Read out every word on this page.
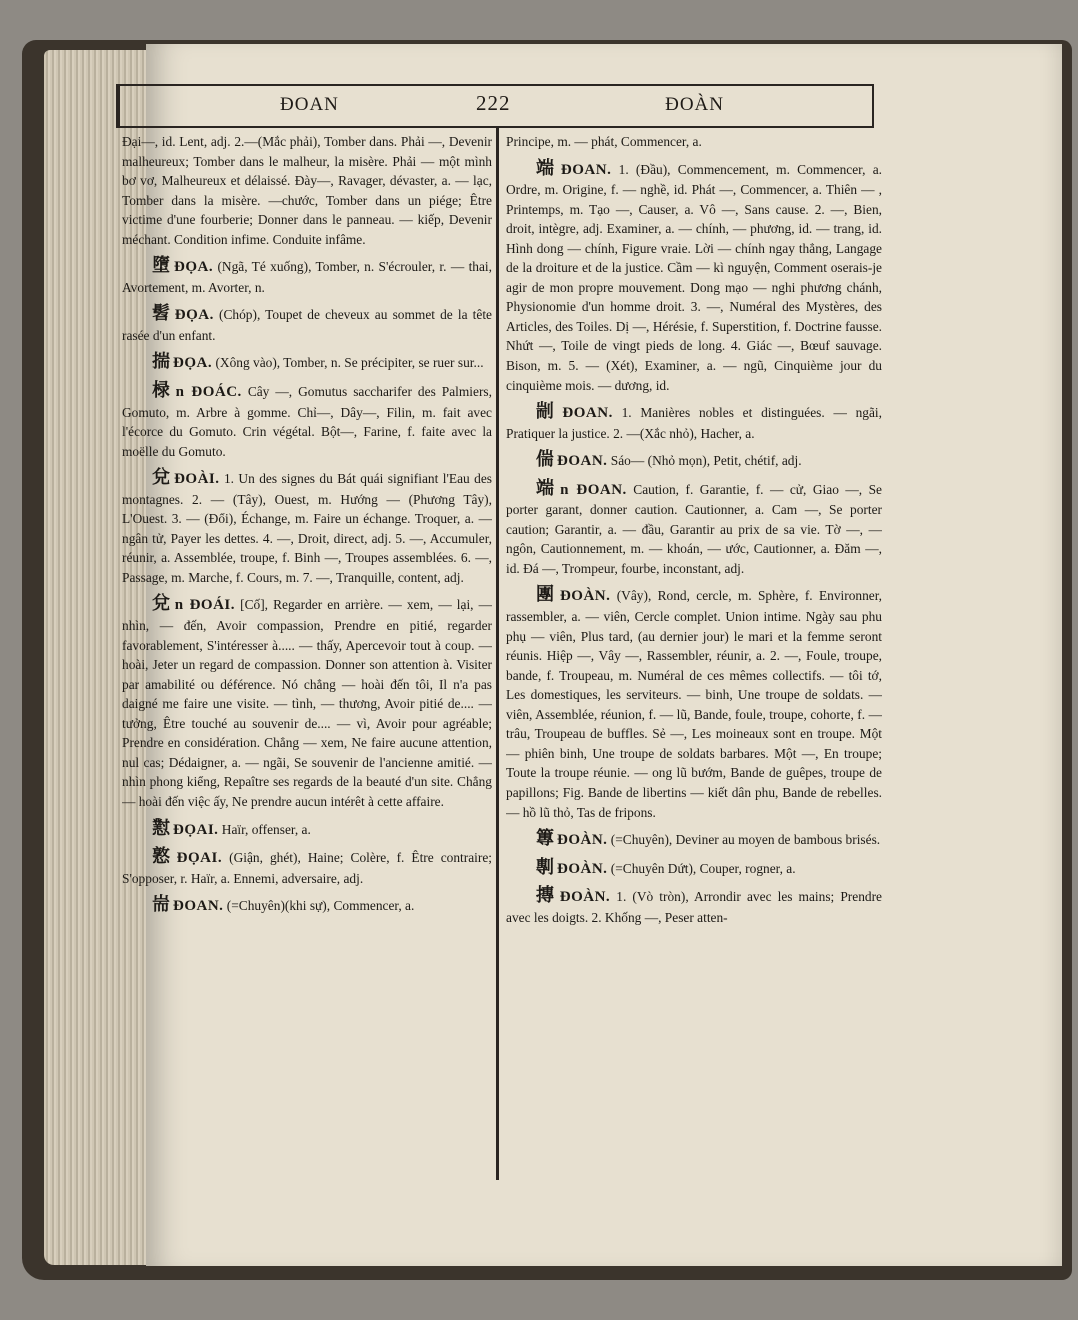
ĐOAN	222	ĐOÀN

Đại—, id. Lent, adj. 2.—(Mắc phải), Tomber dans. Phải —, Devenir malheureux; Tomber dans le malheur, la misère. Phải — một mình bơ vơ, Malheureux et délaissé. Đày—, Ravager, dévaster, a. — lạc, Tomber dans la misère. —chước, Tomber dans un piége; Être victime d'une fourberie; Donner dans le panneau. — kiếp, Devenir méchant. Condition infime. Conduite infâme.

墮 ĐỌA. (Ngã, Té xuống), Tomber, n. S'écrouler, r. — thai, Avortement, m. Avorter, n.

髫 ĐỌA. (Chóp), Toupet de cheveux au sommet de la tête rasée d'un enfant.

揣 ĐỌA. (Xông vào), Tomber, n. Se précipiter, se ruer sur...

椂 n ĐOÁC. Cây —, Gomutus saccharifer des Palmiers, Gomuto, m. Arbre à gomme. Chỉ—, Dây—, Filin, m. fait avec l'écorce du Gomuto. Crin végétal. Bột—, Farine, f. faite avec la moëlle du Gomuto.

兌 ĐOÀI. 1. Un des signes du Bát quái signifiant l'Eau des montagnes. 2. — (Tây), Ouest, m. Hướng — (Phương Tây), L'Ouest. 3. — (Đổi), Échange, m. Faire un échange. Troquer, a. — ngân tử, Payer les dettes. 4. —, Droit, direct, adj. 5. —, Accumuler, réunir, a. Assemblée, troupe, f. Binh —, Troupes assemblées. 6. —, Passage, m. Marche, f. Cours, m. 7. —, Tranquille, content, adj.

兌 n ĐOÁI. [Cố], Regarder en arrière. — xem, — lại, — nhìn, — đến, Avoir compassion, Prendre en pitié, regarder favorablement, S'intéresser à..... — thấy, Apercevoir tout à coup. — hoài, Jeter un regard de compassion. Donner son attention à. Visiter par amabilité ou déférence. Nó chẳng — hoài đến tôi, Il n'a pas daigné me faire une visite. — tình, — thương, Avoir pitié de.... — tưởng, Être touché au souvenir de.... — vì, Avoir pour agréable; Prendre en considération. Chẳng — xem, Ne faire aucune attention, nul cas; Dédaigner, a. — ngãi, Se souvenir de l'ancienne amitié. — nhìn phong kiểng, Repaître ses regards de la beauté d'un site. Chẳng — hoài đến việc ấy, Ne prendre aucun intérêt à cette affaire.

懟 ĐỌAI. Haïr, offenser, a.

憝 ĐỌAI. (Giận, ghét), Haine; Colère, f. Être contraire; S'opposer, r. Haïr, a. Ennemi, adversaire, adj.

耑 ĐOAN. (=Chuyên)(khi sự), Commencer, a.

Principe, m. — phát, Commencer, a.

端 ĐOAN. 1. (Đầu), Commencement, m. Commencer, a. Ordre, m. Origine, f. — nghề, id. Phát —, Commencer, a. Thiên — , Printemps, m. Tạo —, Causer, a. Vô —, Sans cause. 2. —, Bien, droit, intègre, adj. Examiner, a. — chính, — phương, id. — trang, id. Hình dong — chính, Figure vraie. Lời — chính ngay thẳng, Langage de la droiture et de la justice. Cầm — kì nguyện, Comment oserais-je agir de mon propre mouvement. Dong mạo — nghi phương chánh, Physionomie d'un homme droit. 3. —, Numéral des Mystères, des Articles, des Toiles. Dị —, Hérésie, f. Superstition, f. Doctrine fausse. Nhứt —, Toile de vingt pieds de long. 4. Giác —, Bœuf sauvage. Bison, m. 5. — (Xét), Examiner, a. — ngũ, Cinquième jour du cinquième mois. — dương, id.

剬 ĐOAN. 1. Manières nobles et distinguées. — ngãi, Pratiquer la justice. 2. —(Xắc nhỏ), Hacher, a.

偳 ĐOAN. Sáo— (Nhỏ mọn), Petit, chétif, adj.

端 n ĐOAN. Caution, f. Garantie, f. — cử, Giao —, Se porter garant, donner caution. Cautionner, a. Cam —, Se porter caution; Garantir, a. — đầu, Garantir au prix de sa vie. Tờ —, — ngôn, Cautionnement, m. — khoán, — ước, Cautionner, a. Đăm —, id. Đá —, Trompeur, fourbe, inconstant, adj.

團 ĐOÀN. (Vây), Rond, cercle, m. Sphère, f. Environner, rassembler, a. — viên, Cercle complet. Union intime. Ngày sau phu phụ — viên, Plus tard, (au dernier jour) le mari et la femme seront réunis. Hiệp —, Vây —, Rassembler, réunir, a. 2. —, Foule, troupe, bande, f. Troupeau, m. Numéral de ces mêmes collectifs. — tôi tớ, Les domestiques, les serviteurs. — binh, Une troupe de soldats. — viên, Assemblée, réunion, f. — lũ, Bande, foule, troupe, cohorte, f. — trâu, Troupeau de buffles. Sẻ —, Les moineaux sont en troupe. Một — phiên binh, Une troupe de soldats barbares. Một —, En troupe; Toute la troupe réunie. — ong lũ bướm, Bande de guêpes, troupe de papillons; Fig. Bande de libertins — kiết dân phu, Bande de rebelles. — hồ lũ thỏ, Tas de fripons.

篿 ĐOÀN. (=Chuyên), Deviner au moyen de bambous brisés.

剸 ĐOÀN. (=Chuyên Dứt), Couper, rogner, a.

摶 ĐOÀN. 1. (Vò tròn), Arrondir avec les mains; Prendre avec les doigts. 2. Khống —, Peser atten-
